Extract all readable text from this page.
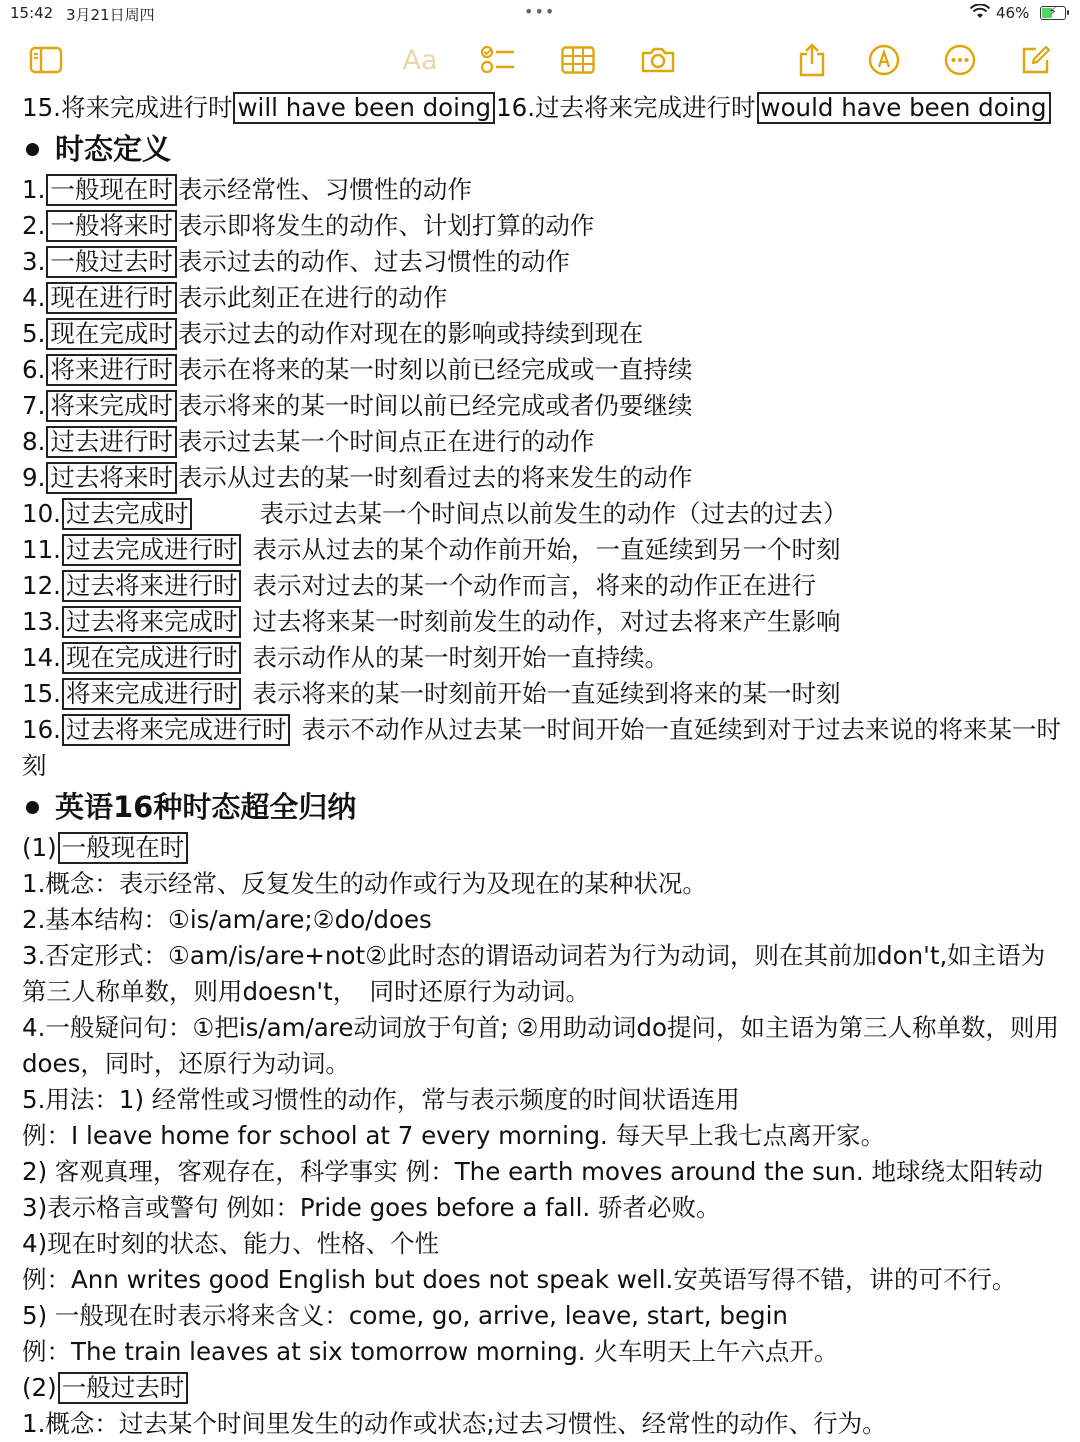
15:42 3月21日周四	•••	46% ⚡
Aa
15.将来完成进行时 will have been doing 16.过去将来完成进行时 would have been doing
时态定义
1. 一般现在时 表示经常性、习惯性的动作
2. 一般将来时 表示即将发生的动作、计划打算的动作
3. 一般过去时 表示过去的动作、过去习惯性的动作
4. 现在进行时 表示此刻正在进行的动作
5. 现在完成时 表示过去的动作对现在的影响或持续到现在
6. 将来进行时 表示在将来的某一时刻以前已经完成或一直持续
7. 将来完成时 表示将来的某一时间以前已经完成或者仍要继续
8. 过去进行时 表示过去某一个时间点正在进行的动作
9. 过去将来时 表示从过去的某一时刻看过去的将来发生的动作
10. 过去完成时	表示过去某一个时间点以前发生的动作（过去的过去）
11. 过去完成进行时 表示从过去的某个动作前开始，一直延续到另一个时刻
12. 过去将来进行时 表示对过去的某一个动作而言，将来的动作正在进行
13. 过去将来完成时 过去将来某一时刻前发生的动作，对过去将来产生影响
14. 现在完成进行时 表示动作从的某一时刻开始一直持续。
15. 将来完成进行时 表示将来的某一时刻前开始一直延续到将来的某一时刻
16. 过去将来完成进行时 表示不动作从过去某一时间开始一直延续到对于过去来说的将来某一时刻
英语16种时态超全归纳
(1) 一般现在时
1.概念：表示经常、反复发生的动作或行为及现在的某种状况。
2.基本结构：①is/am/are;②do/does
3.否定形式：①am/is/are+not②此时态的谓语动词若为行为动词，则在其前加don't,如主语为第三人称单数，则用doesn't，　同时还原行为动词。
4.一般疑问句：①把is/am/are动词放于句首; ②用助动词do提问，如主语为第三人称单数，则用does，同时，还原行为动词。
5.用法：1) 经常性或习惯性的动作，常与表示频度的时间状语连用
例：I leave home for school at 7 every morning. 每天早上我七点离开家。
2) 客观真理，客观存在，科学事实 例：The earth moves around the sun. 地球绕太阳转动
3)表示格言或警句 例如：Pride goes before a fall. 骄者必败。
4)现在时刻的状态、能力、性格、个性
例：Ann writes good English but does not speak well.安英语写得不错，讲的可不行。
5) 一般现在时表示将来含义：come, go, arrive, leave, start, begin
例：The train leaves at six tomorrow morning. 火车明天上午六点开。
(2) 一般过去时
1.概念：过去某个时间里发生的动作或状态;过去习惯性、经常性的动作、行为。
